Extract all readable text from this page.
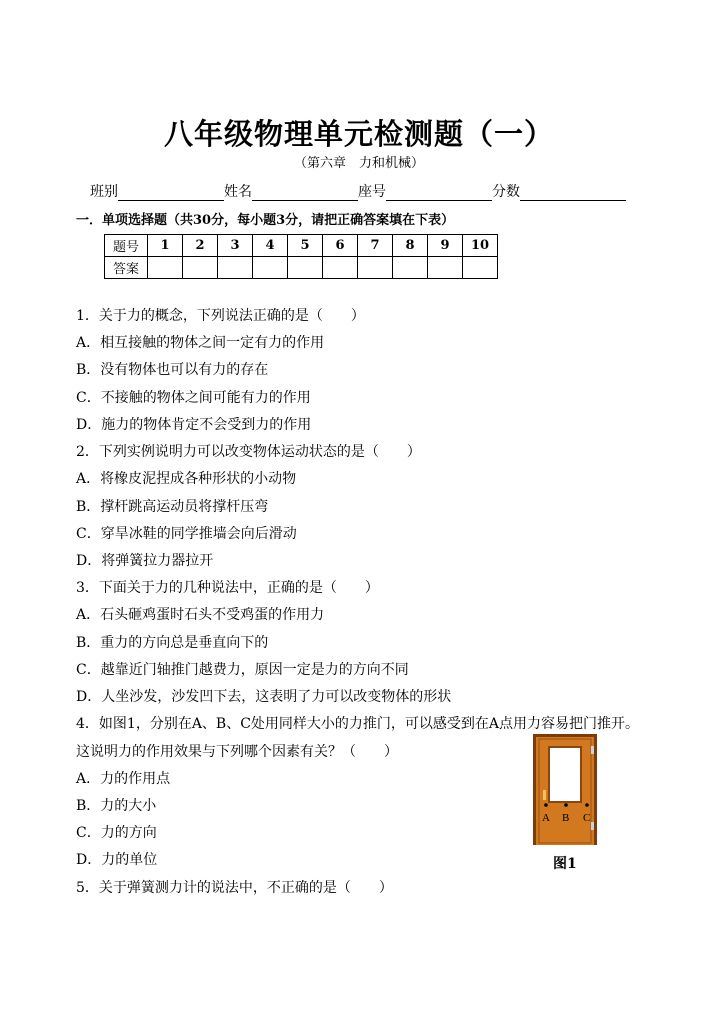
八年级物理单元检测题（一）
（第六章　力和机械）
班别	姓名	座号	分数
一．单项选择题（共30分，每小题3分，请把正确答案填在下表）
题号	1	2	3	4	5	6	7	8	9	10
答案										
1．关于力的概念，下列说法正确的是（　　）
A．相互接触的物体之间一定有力的作用
B．没有物体也可以有力的存在
C．不接触的物体之间可能有力的作用
D．施力的物体肯定不会受到力的作用
2．下列实例说明力可以改变物体运动状态的是（　　）
A．将橡皮泥捏成各种形状的小动物
B．撑杆跳高运动员将撑杆压弯
C．穿旱冰鞋的同学推墙会向后滑动
D．将弹簧拉力器拉开
3．下面关于力的几种说法中，正确的是（　　）
A．石头砸鸡蛋时石头不受鸡蛋的作用力
B．重力的方向总是垂直向下的
C．越靠近门轴推门越费力，原因一定是力的方向不同
D．人坐沙发，沙发凹下去，这表明了力可以改变物体的形状
4．如图1，分别在A、B、C处用同样大小的力推门，可以感受到在A点用力容易把门推开。
这说明力的作用效果与下列哪个因素有关？（　　）
A．力的作用点
B．力的大小
C．力的方向
D．力的单位
5．关于弹簧测力计的说法中，不正确的是（　　）
A B C
图1
